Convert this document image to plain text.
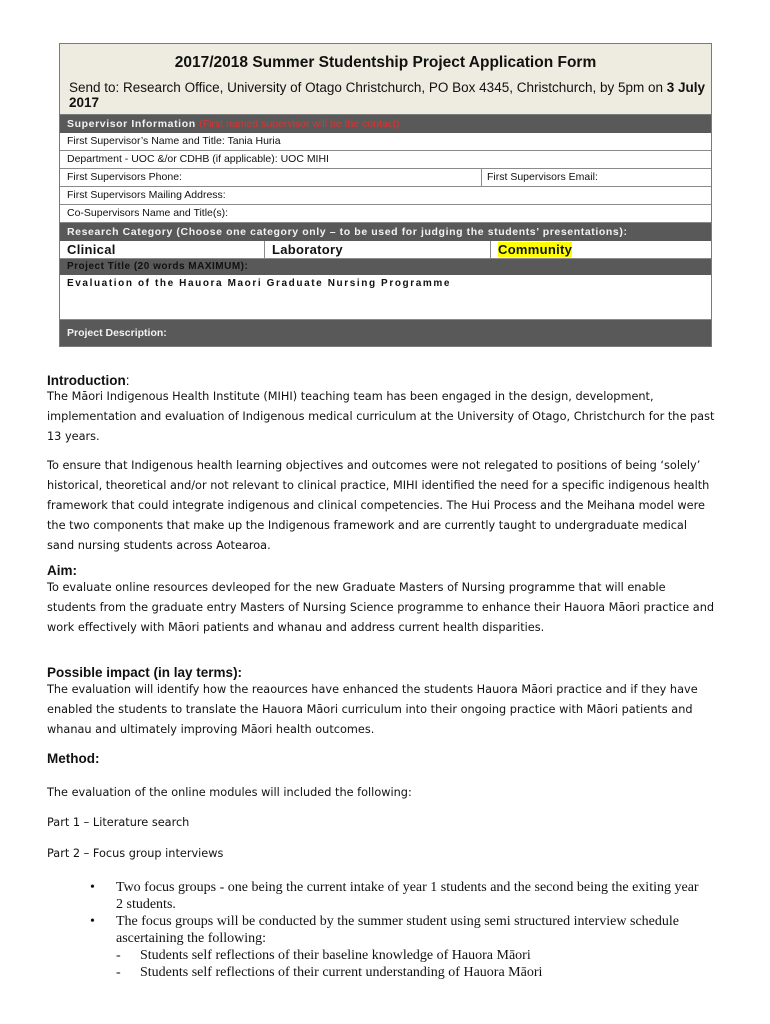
2017/2018 Summer Studentship Project Application Form
Send to: Research Office, University of Otago Christchurch, PO Box 4345, Christchurch, by 5pm on 3 July 2017
Supervisor Information (First named supervisor will be the contact)
First Supervisor’s Name and Title: Tania Huria
Department - UOC &/or CDHB (if applicable): UOC MIHI
First Supervisors Phone:	First Supervisors Email:
First Supervisors Mailing Address:
Co-Supervisors Name and Title(s):
Research Category (Choose one category only – to be used for judging the students’ presentations):
Clinical	Laboratory	Community
Project Title (20 words MAXIMUM):
Evaluation of the Hauora Maori Graduate Nursing Programme
Project Description:
Introduction:
The Māori Indigenous Health Institute (MIHI) teaching team has been engaged in the design, development, implementation and evaluation of Indigenous medical curriculum at the University of Otago, Christchurch for the past 13 years.
To ensure that Indigenous health learning objectives and outcomes were not relegated to positions of being ‘solely’ historical, theoretical and/or not relevant to clinical practice, MIHI identified the need for a specific indigenous health framework that could integrate indigenous and clinical competencies. The Hui Process and the Meihana model were the two components that make up the Indigenous framework and are currently taught to undergraduate medical sand nursing students across Aotearoa.
Aim:
To evaluate online resources devleoped for the new Graduate Masters of Nursing programme that will enable students from the graduate entry Masters of Nursing Science programme to enhance their Hauora Māori practice and work effectively with Māori patients and whanau and address current health disparities.
Possible impact (in lay terms):
The evaluation will identify how the reaources have enhanced the students Hauora Māori practice and if they have enabled the students to translate the Hauora Māori curriculum into their ongoing practice with Māori patients and whanau and ultimately improving Māori health outcomes.
Method:
The evaluation of the online modules will included the following:
Part 1 – Literature search
Part 2 – Focus group interviews
•	Two focus groups - one being the current intake of year 1 students and the second being the exiting year 2 students.
•	The focus groups will be conducted by the summer student using semi structured interview schedule ascertaining the following:
-	Students self reflections of their baseline knowledge of Hauora Māori
-	Students self reflections of their current understanding of Hauora Māori
